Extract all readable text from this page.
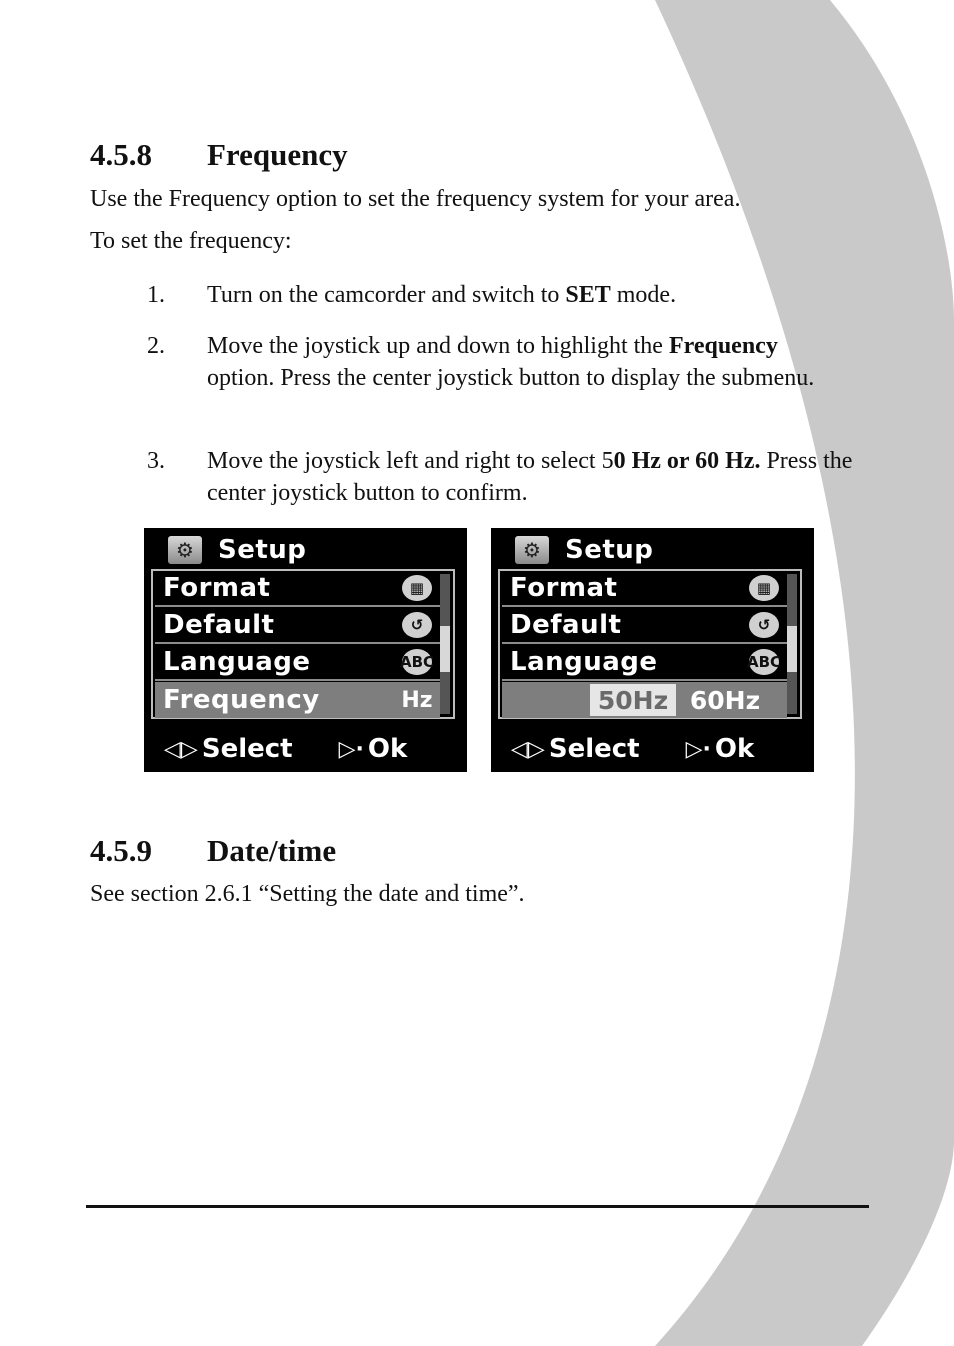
4.5.8 Frequency
Use the Frequency option to set the frequency system for your area.
To set the frequency:
1. Turn on the camcorder and switch to SET mode.
2. Move the joystick up and down to highlight the Frequency option. Press the center joystick button to display the submenu.
3. Move the joystick left and right to select 50 Hz or 60 Hz. Press the center joystick button to confirm.
⚙ Setup
Format	▦
Default	↺
Language	ABC
Frequency	Hz
◁▷ Select ▷· Ok
⚙ Setup
Format	▦
Default	↺
Language	ABC
50Hz 60Hz
◁▷ Select ▷· Ok
4.5.9 Date/time
See section 2.6.1 “Setting the date and time”.
